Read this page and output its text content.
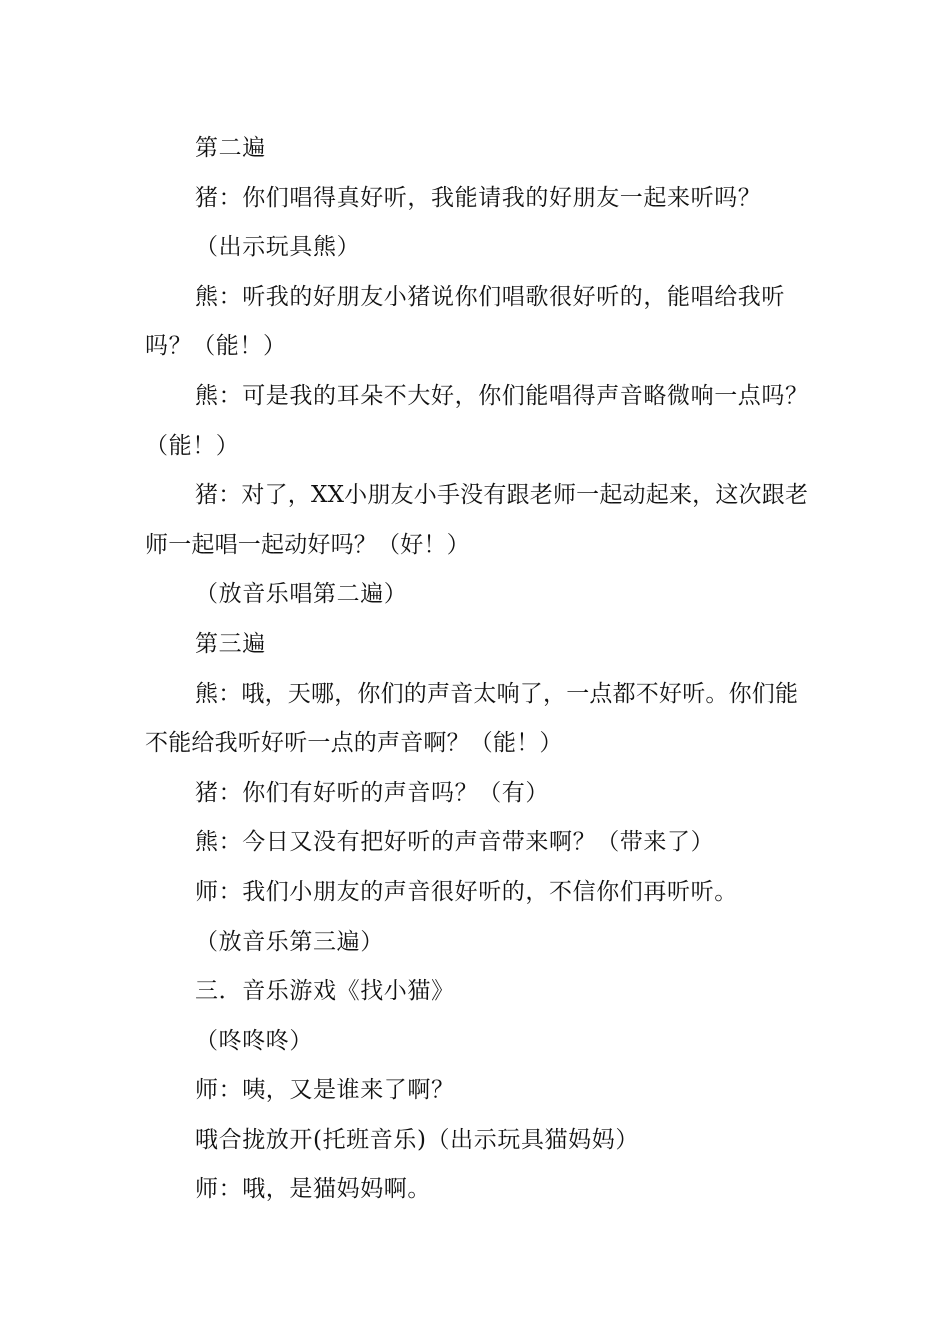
第二遍

猪：你们唱得真好听，我能请我的好朋友一起来听吗？

（出示玩具熊）

熊：听我的好朋友小猪说你们唱歌很好听的，能唱给我听吗？（能！）

熊：可是我的耳朵不大好，你们能唱得声音略微响一点吗？（能！）

猪：对了，XX小朋友小手没有跟老师一起动起来，这次跟老师一起唱一起动好吗？（好！）

（放音乐唱第二遍）

第三遍

熊：哦，天哪，你们的声音太响了，一点都不好听。你们能不能给我听好听一点的声音啊？（能！）

猪：你们有好听的声音吗？（有）

熊：今日又没有把好听的声音带来啊？（带来了）

师：我们小朋友的声音很好听的，不信你们再听听。

（放音乐第三遍）

三．音乐游戏《找小猫》

（咚咚咚）

师：咦，又是谁来了啊？

哦合拢放开(托班音乐)（出示玩具猫妈妈）

师：哦，是猫妈妈啊。
